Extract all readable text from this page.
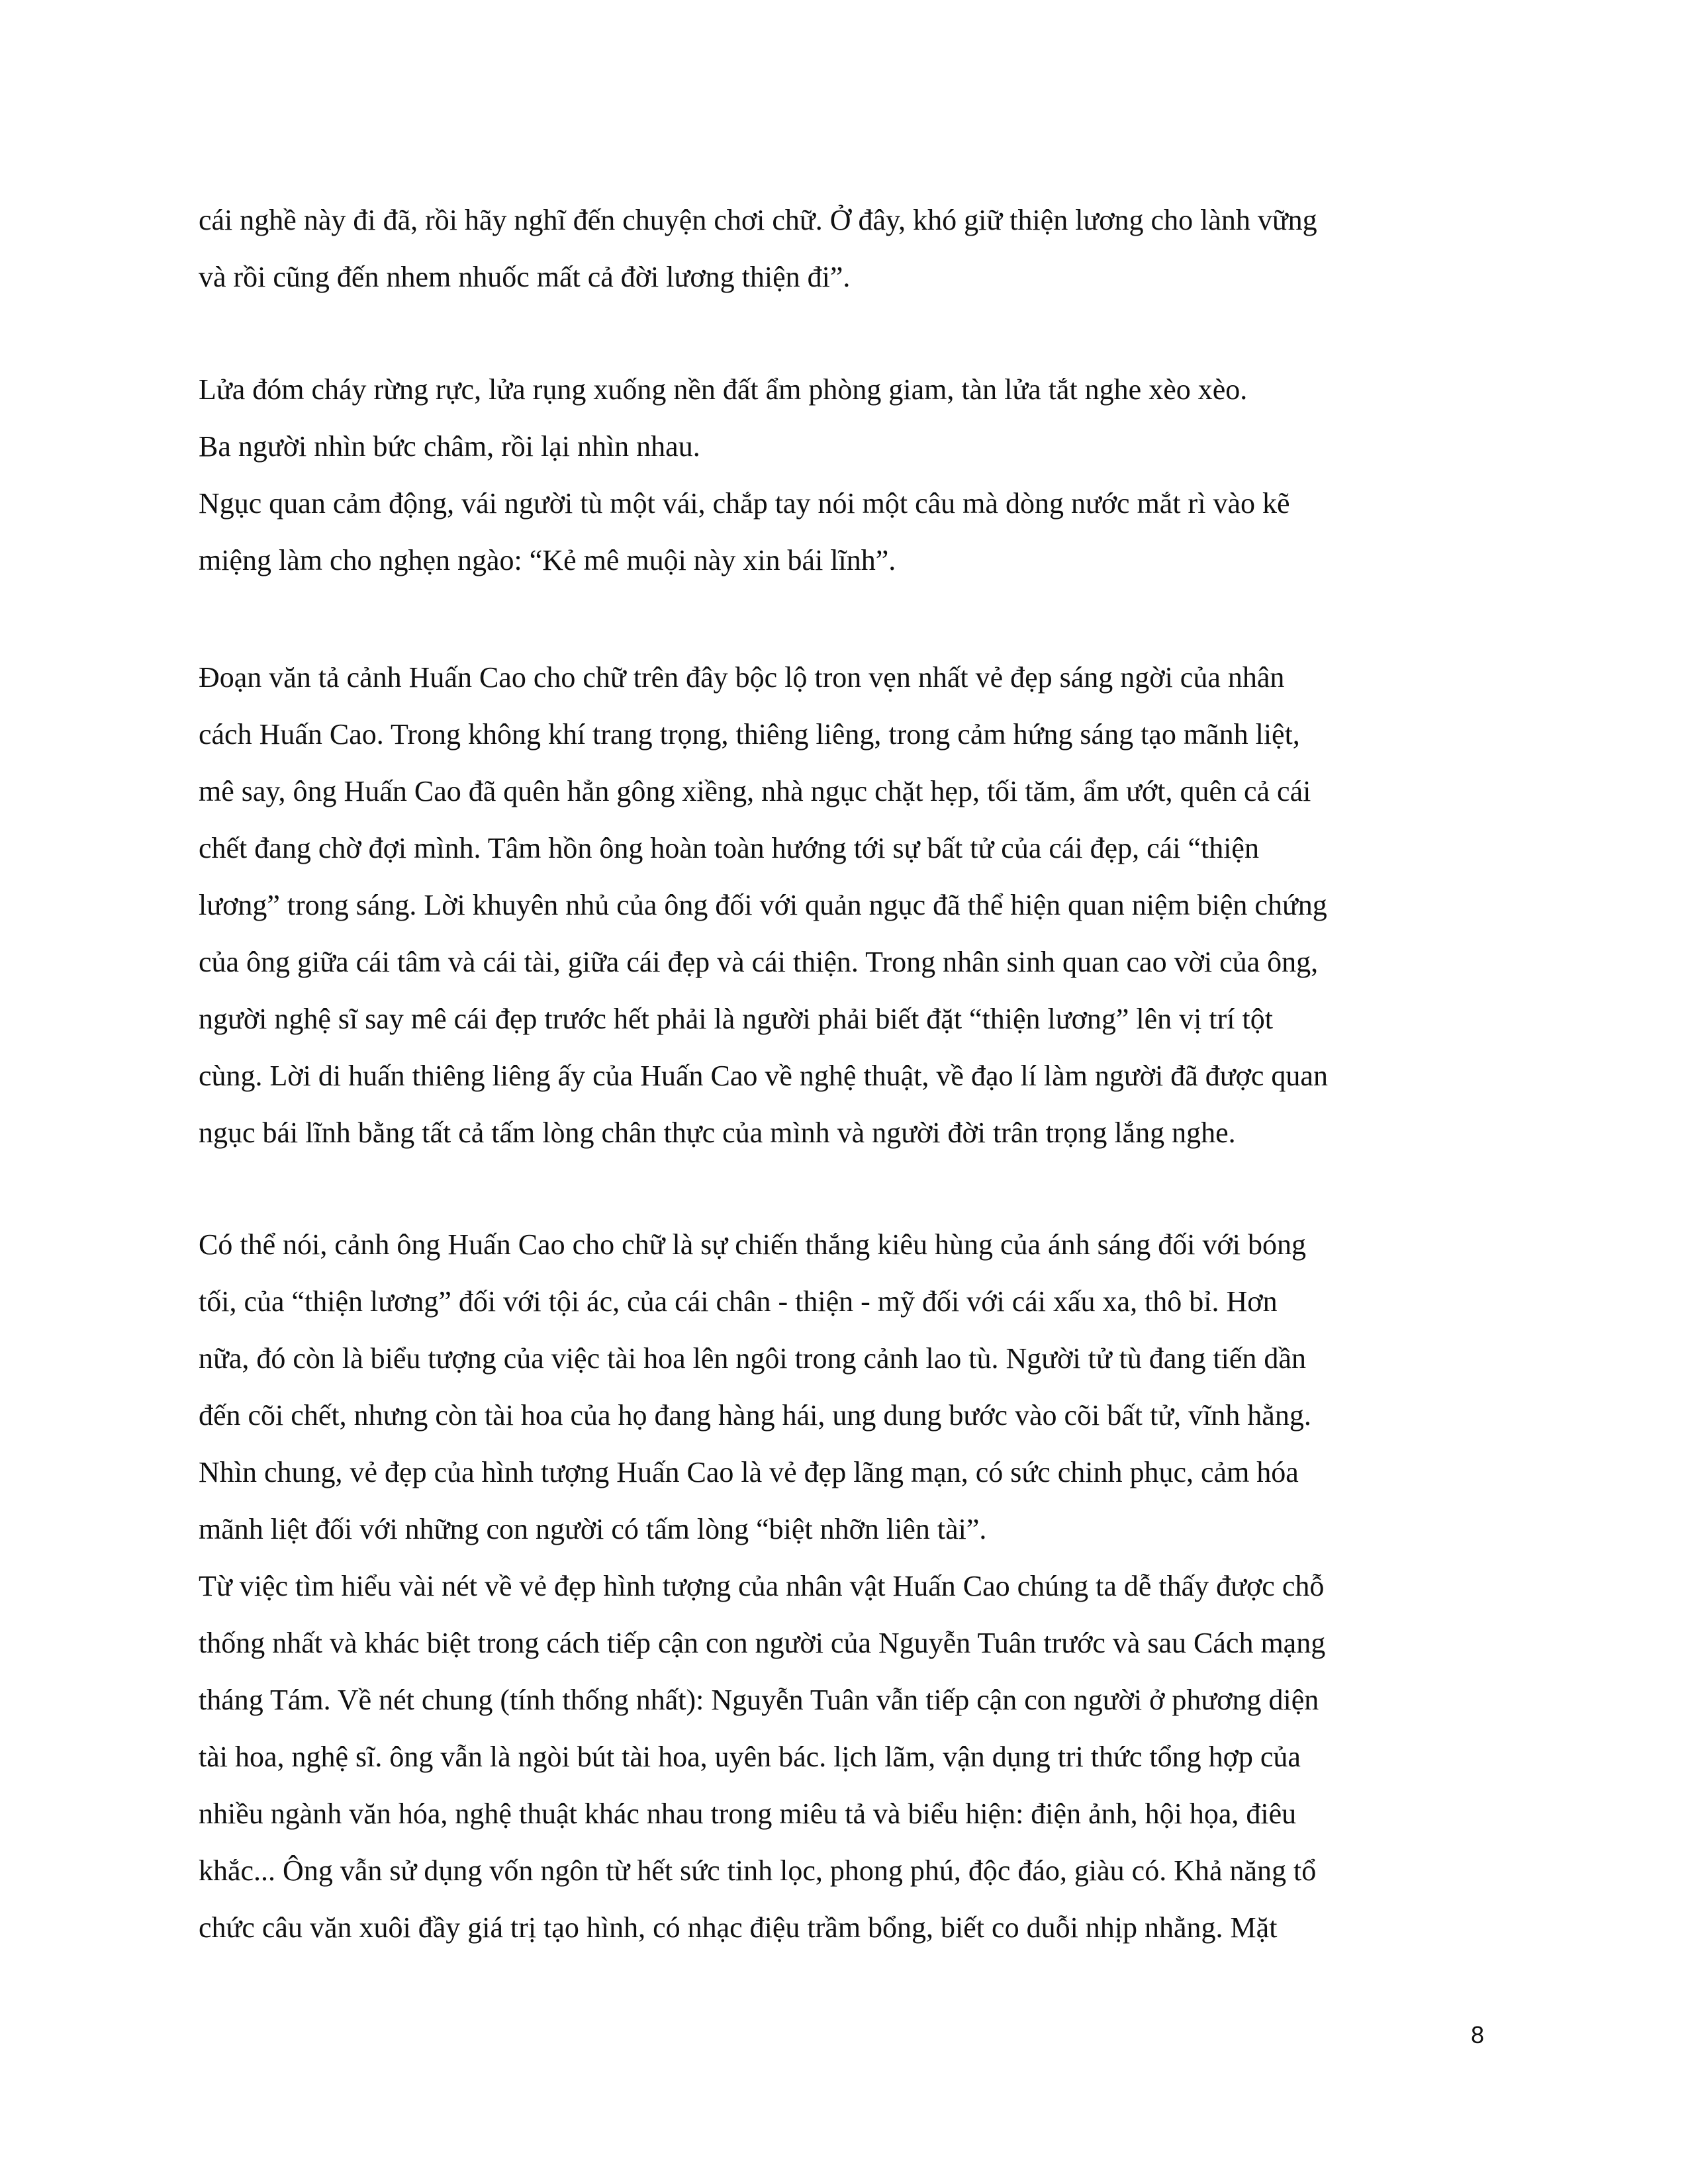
cái nghề này đi đã, rồi hãy nghĩ đến chuyện chơi chữ. Ở đây, khó giữ thiện lương cho lành vững
và rồi cũng đến nhem nhuốc mất cả đời lương thiện đi”.
Lửa đóm cháy rừng rực, lửa rụng xuống nền đất ẩm phòng giam, tàn lửa tắt nghe xèo xèo.
Ba người nhìn bức châm, rồi lại nhìn nhau.
Ngục quan cảm động, vái người tù một vái, chắp tay nói một câu mà dòng nước mắt rì vào kẽ
miệng làm cho nghẹn ngào: “Kẻ mê muội này xin bái lĩnh”.
Đoạn văn tả cảnh Huấn Cao cho chữ trên đây bộc lộ tron vẹn nhất vẻ đẹp sáng ngời của nhân
cách Huấn Cao. Trong không khí trang trọng, thiêng liêng, trong cảm hứng sáng tạo mãnh liệt,
mê say, ông Huấn Cao đã quên hẳn gông xiềng, nhà ngục chặt hẹp, tối tăm, ẩm ướt, quên cả cái
chết đang chờ đợi mình. Tâm hồn ông hoàn toàn hướng tới sự bất tử của cái đẹp, cái “thiện
lương” trong sáng. Lời khuyên nhủ của ông đối với quản ngục đã thể hiện quan niệm biện chứng
của ông giữa cái tâm và cái tài, giữa cái đẹp và cái thiện. Trong nhân sinh quan cao vời của ông,
người nghệ sĩ say mê cái đẹp trước hết phải là người phải biết đặt “thiện lương” lên vị trí tột
cùng. Lời di huấn thiêng liêng ấy của Huấn Cao về nghệ thuật, về đạo lí làm người đã được quan
ngục bái lĩnh bằng tất cả tấm lòng chân thực của mình và người đời trân trọng lắng nghe.
Có thể nói, cảnh ông Huấn Cao cho chữ là sự chiến thắng kiêu hùng của ánh sáng đối với bóng
tối, của “thiện lương” đối với tội ác, của cái chân - thiện - mỹ đối với cái xấu xa, thô bỉ. Hơn
nữa, đó còn là biểu tượng của việc tài hoa lên ngôi trong cảnh lao tù. Người tử tù đang tiến dần
đến cõi chết, nhưng còn tài hoa của họ đang hàng hái, ung dung bước vào cõi bất tử, vĩnh hằng.
Nhìn chung, vẻ đẹp của hình tượng Huấn Cao là vẻ đẹp lãng mạn, có sức chinh phục, cảm hóa
mãnh liệt đối với những con người có tấm lòng “biệt nhỡn liên tài”.
Từ việc tìm hiểu vài nét về vẻ đẹp hình tượng của nhân vật Huấn Cao chúng ta dễ thấy được chỗ
thống nhất và khác biệt trong cách tiếp cận con người của Nguyễn Tuân trước và sau Cách mạng
tháng Tám. Về nét chung (tính thống nhất): Nguyễn Tuân vẫn tiếp cận con người ở phương diện
tài hoa, nghệ sĩ. ông vẫn là ngòi bút tài hoa, uyên bác. lịch lãm, vận dụng tri thức tổng hợp của
nhiều ngành văn hóa, nghệ thuật khác nhau trong miêu tả và biểu hiện: điện ảnh, hội họa, điêu
khắc... Ông vẫn sử dụng vốn ngôn từ hết sức tinh lọc, phong phú, độc đáo, giàu có. Khả năng tổ
chức câu văn xuôi đầy giá trị tạo hình, có nhạc điệu trầm bổng, biết co duỗi nhịp nhằng. Mặt
8
